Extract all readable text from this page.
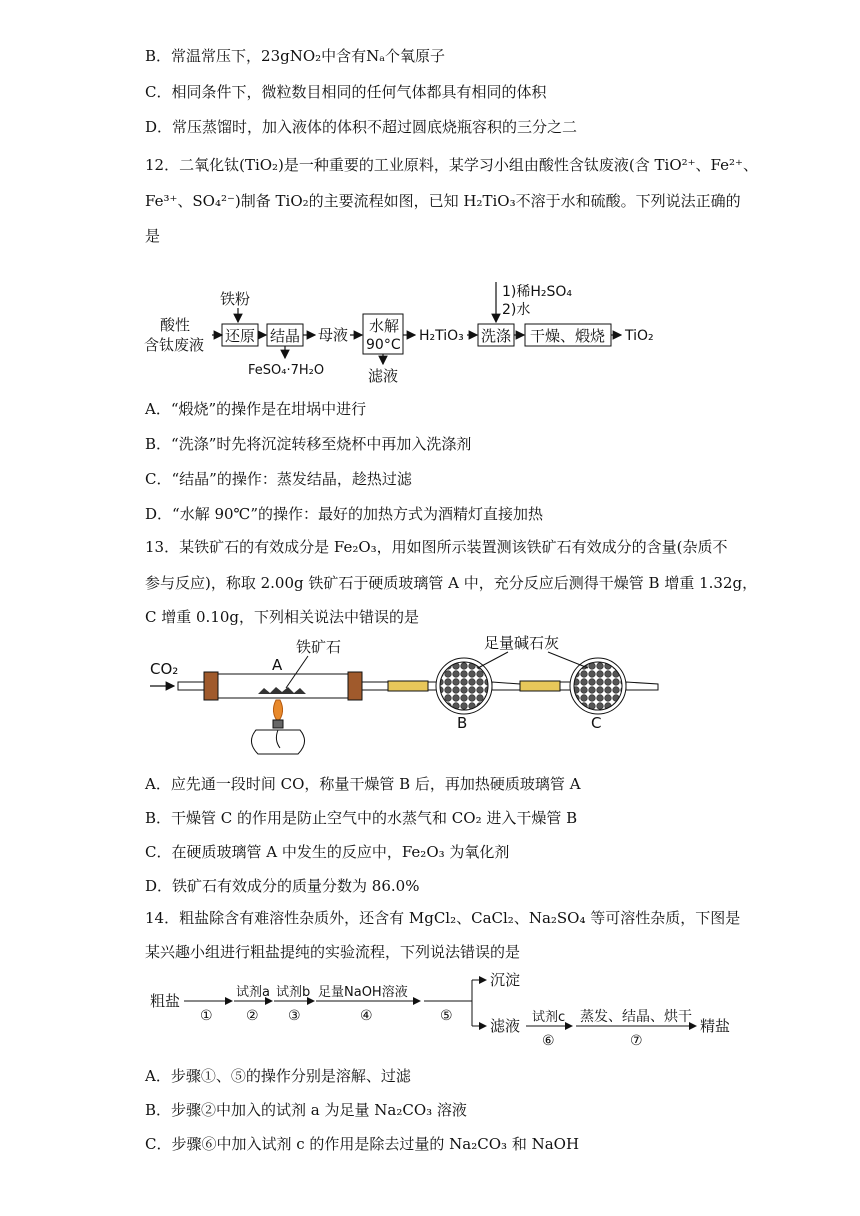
B．常温常压下，23gNO₂中含有Nₐ个氧原子
C．相同条件下，微粒数目相同的任何气体都具有相同的体积
D．常压蒸馏时，加入液体的体积不超过圆底烧瓶容积的三分之二
12．二氧化钛(TiO₂)是一种重要的工业原料，某学习小组由酸性含钛废液(含 TiO²⁺、Fe²⁺、
Fe³⁺、SO₄²⁻)制备 TiO₂的主要流程如图，已知 H₂TiO₃不溶于水和硫酸。下列说法正确的
是
酸性
含钛废液
铁粉
还原 结晶
FeSO₄·7H₂O
母液 水解
90°C
滤液
H₂TiO₃
1)稀H₂SO₄
2)水
洗涤 干燥、煅烧 TiO₂
A．“煅烧”的操作是在坩埚中进行
B．“洗涤”时先将沉淀转移至烧杯中再加入洗涤剂
C．“结晶”的操作：蒸发结晶，趁热过滤
D．“水解 90℃”的操作：最好的加热方式为酒精灯直接加热
13．某铁矿石的有效成分是 Fe₂O₃，用如图所示装置测该铁矿石有效成分的含量(杂质不
参与反应)，称取 2.00g 铁矿石于硬质玻璃管 A 中，充分反应后测得干燥管 B 增重 1.32g，
C 增重 0.10g，下列相关说法中错误的是
CO₂	A
铁矿石
B	C
足量碱石灰
A．应先通一段时间 CO，称量干燥管 B 后，再加热硬质玻璃管 A
B．干燥管 C 的作用是防止空气中的水蒸气和 CO₂ 进入干燥管 B
C．在硬质玻璃管 A 中发生的反应中，Fe₂O₃ 为氧化剂
D．铁矿石有效成分的质量分数为 86.0%
14．粗盐除含有难溶性杂质外，还含有 MgCl₂、CaCl₂、Na₂SO₄ 等可溶性杂质，下图是
某兴趣小组进行粗盐提纯的实验流程，下列说法错误的是
粗盐
①
试剂a
②
试剂b
③
足量NaOH溶液
④	⑤
沉淀
滤液 试剂c
⑥
蒸发、结晶、烘干
⑦
精盐
A．步骤①、⑤的操作分别是溶解、过滤
B．步骤②中加入的试剂 a 为足量 Na₂CO₃ 溶液
C．步骤⑥中加入试剂 c 的作用是除去过量的 Na₂CO₃ 和 NaOH
